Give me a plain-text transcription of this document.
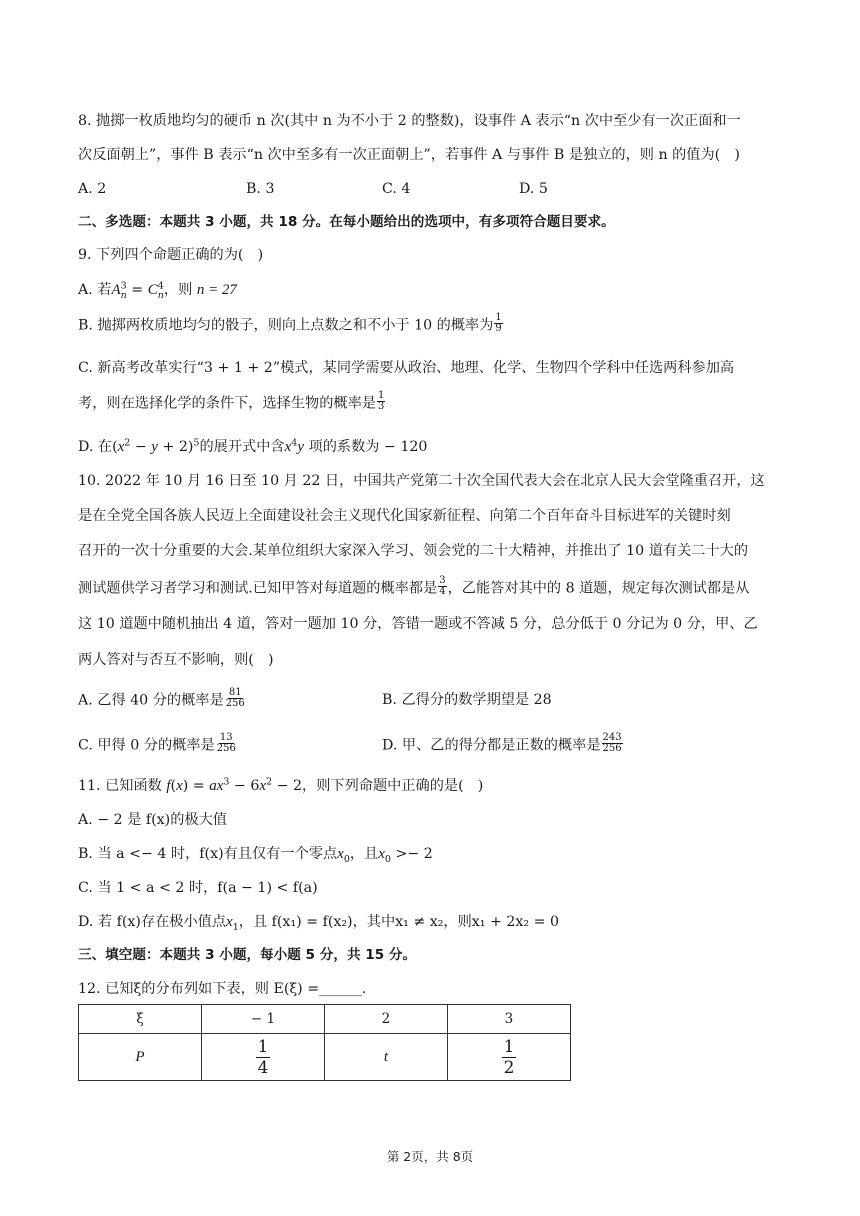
8. 抛掷一枚质地均匀的硬币 n 次(其中 n 为不小于 2 的整数)，设事件 A 表示“n 次中至少有一次正面和一
次反面朝上”，事件 B 表示“n 次中至多有一次正面朝上”，若事件 A 与事件 B 是独立的，则 n 的值为(　)
A. 2	B. 3	C. 4	D. 5
二、多选题：本题共 3 小题，共 18 分。在每小题给出的选项中，有多项符合题目要求。
9. 下列四个命题正确的为(　)
A. 若$A^3_n = C^4_n$，则 n = 27
B. 抛掷两枚质地均匀的骰子，则向上点数之和不小于 10 的概率为 $\frac{1}{9}$
C. 新高考改革实行“3 + 1 + 2”模式，某同学需要从政治、地理、化学、生物四个学科中任选两科参加高
考，则在选择化学的条件下，选择生物的概率是 $\frac{1}{3}$
D. 在$(x^2 - y + 2)^5$的展开式中含$x^4y$ 项的系数为 − 120
10. 2022 年 10 月 16 日至 10 月 22 日，中国共产党第二十次全国代表大会在北京人民大会堂隆重召开，这
是在全党全国各族人民迈上全面建设社会主义现代化国家新征程、向第二个百年奋斗目标进军的关键时刻
召开的一次十分重要的大会.某单位组织大家深入学习、领会党的二十大精神，并推出了 10 道有关二十大的
测试题供学习者学习和测试.已知甲答对每道题的概率都是 $\frac{3}{4}$ ，乙能答对其中的 8 道题，规定每次测试都是从
这 10 道题中随机抽出 4 道，答对一题加 10 分，答错一题或不答减 5 分，总分低于 0 分记为 0 分，甲、乙
两人答对与否互不影响，则(　)
A. 乙得 40 分的概率是 $\frac{81}{256}$	B. 乙得分的数学期望是 28
C. 甲得 0 分的概率是 $\frac{13}{256}$	D. 甲、乙的得分都是正数的概率是 $\frac{243}{256}$
11. 已知函数 $f(x) = ax^3 - 6x^2 - 2$，则下列命题中正确的是(　)
A. − 2 是 f(x)的极大值
B. 当 a <− 4 时，f(x)有且仅有一个零点$x_0$，且$x_0 >- 2$
C. 当 1 < a < 2 时，f(a − 1) < f(a)
D. 若 f(x)存在极小值点$x_1$，且 f(x₁) = f(x₂)，其中x₁ ≠ x₂，则x₁ + 2x₂ = 0
三、填空题：本题共 3 小题，每小题 5 分，共 15 分。
12. 已知ξ的分布列如下表，则 E(ξ) =______.
ξ	− 1	2	3
P	$\frac{1}{4}$	t	$\frac{1}{2}$
第 2页，共 8页
